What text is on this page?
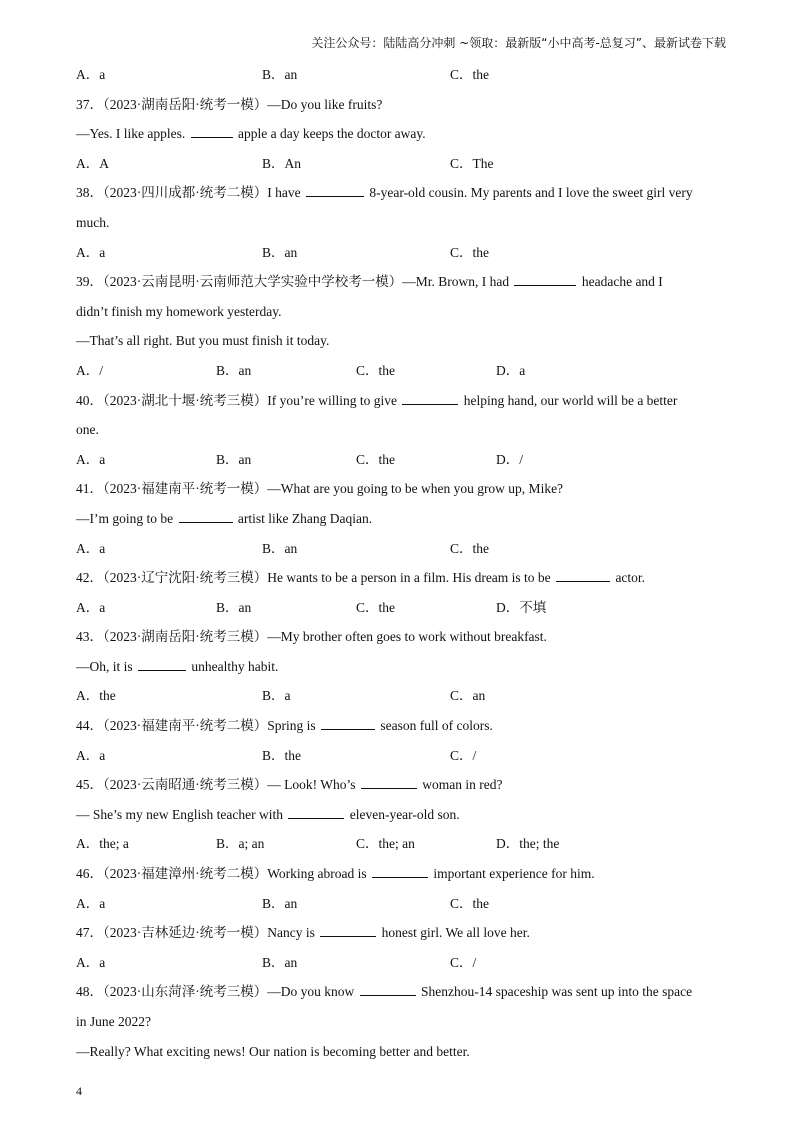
关注公众号：陆陆高分冲刺 ~领取：最新版“小中高考-总复习”、最新试卷下载
A．a	B．an	C．the
37．（2023·湖南岳阳·统考一模）—Do you like fruits?
—Yes. I like apples.	apple a day keeps the doctor away.
A．A	B．An	C．The
38．（2023·四川成都·统考二模）I have	8-year-old cousin. My parents and I love the sweet girl very
much.
A．a	B．an	C．the
39．（2023·云南昆明·云南师范大学实验中学校考一模）—Mr. Brown, I had	headache and I
didn’t finish my homework yesterday.
—That’s all right. But you must finish it today.
A．/	B．an	C．the	D．a
40．（2023·湖北十堰·统考三模）If you’re willing to give	helping hand, our world will be a better
one.
A．a	B．an	C．the	D．/
41．（2023·福建南平·统考一模）—What are you going to be when you grow up, Mike?
—I’m going to be	artist like Zhang Daqian.
A．a	B．an	C．the
42．（2023·辽宁沈阳·统考三模）He wants to be a person in a film. His dream is to be	actor.
A．a	B．an	C．the	D．不填
43．（2023·湖南岳阳·统考三模）—My brother often goes to work without breakfast.
—Oh, it is	unhealthy habit.
A．the	B．a	C．an
44．（2023·福建南平·统考二模）Spring is	season full of colors.
A．a	B．the	C．/
45．（2023·云南昭通·统考三模）— Look! Who’s	woman in red?
— She’s my new English teacher with	eleven-year-old son.
A．the; a	B．a; an	C．the; an	D．the; the
46．（2023·福建漳州·统考二模）Working abroad is	important experience for him.
A．a	B．an	C．the
47．（2023·吉林延边·统考一模）Nancy is	honest girl. We all love her.
A．a	B．an	C．/
48．（2023·山东菏泽·统考三模）—Do you know	Shenzhou-14 spaceship was sent up into the space
in June 2022?
—Really? What exciting news! Our nation is becoming better and better.
4
